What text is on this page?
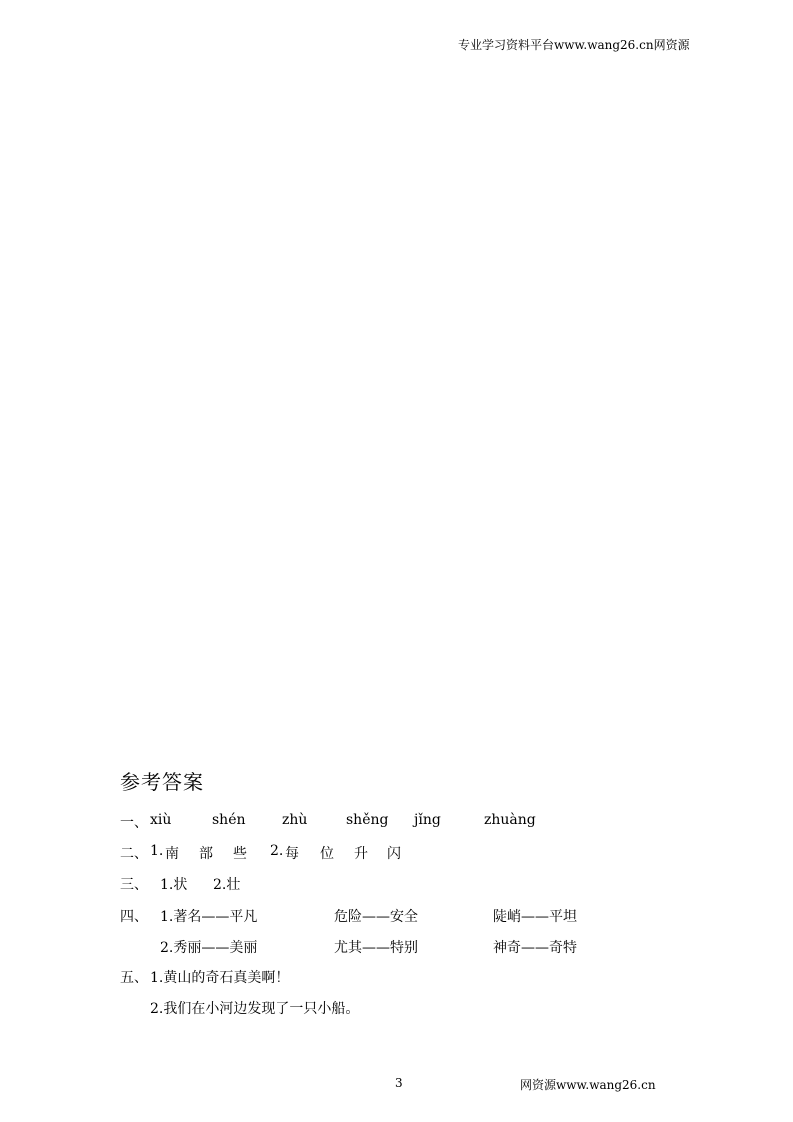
专业学习资料平台www.wang26.cn网资源
参考答案
一、 xiù	shén	zhù	shěng jǐng	zhuàng
二、 1. 南 部 些 2. 每 位 升 闪
三、 1.状 2.壮
四、 1.著名——平凡	危险——安全	陡峭——平坦
2.秀丽——美丽	尤其——特别	神奇——奇特
五、 1.黄山的奇石真美啊！
2.我们在小河边发现了一只小船。
3	网资源www.wang26.cn
